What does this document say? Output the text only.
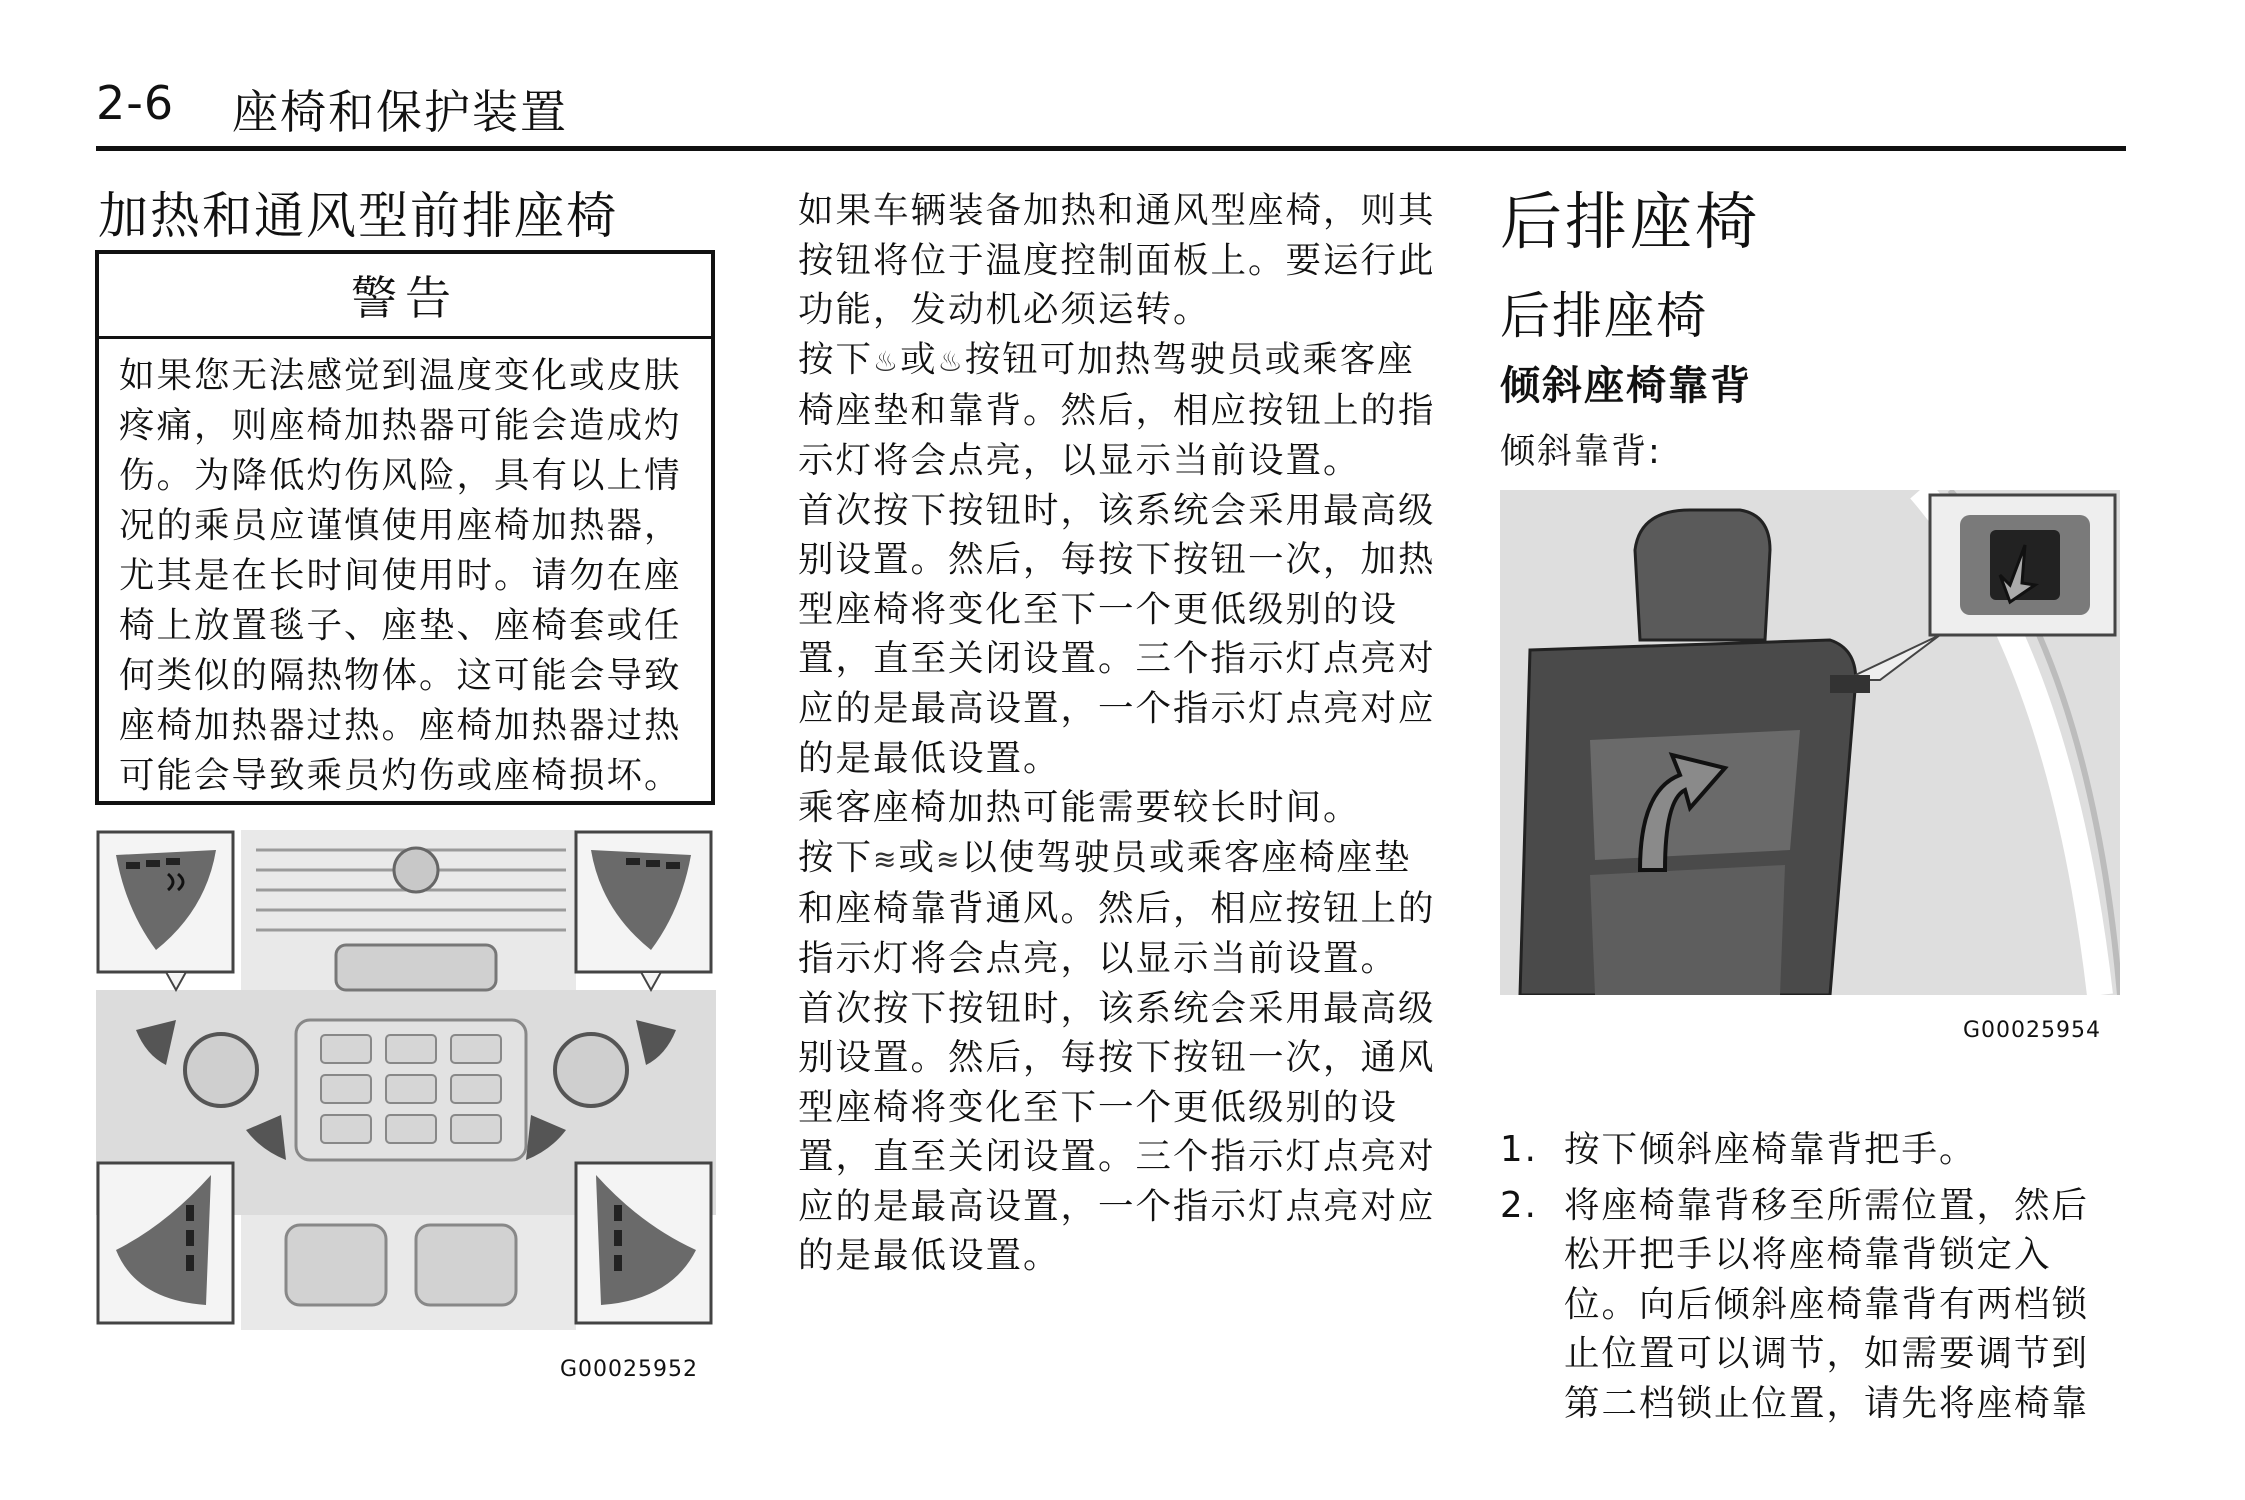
2-6 座椅和保护装置
加热和通风型前排座椅
警告
如果您无法感觉到温度变化或皮肤疼痛，则座椅加热器可能会造成灼伤。为降低灼伤风险，具有以上情况的乘员应谨慎使用座椅加热器，尤其是在长时间使用时。请勿在座椅上放置毯子、座垫、座椅套或任何类似的隔热物体。这可能会导致座椅加热器过热。座椅加热器过热可能会导致乘员灼伤或座椅损坏。
G00025952

如果车辆装备加热和通风型座椅，则其按钮将位于温度控制面板上。要运行此功能，发动机必须运转。

按下♨或♨按钮可加热驾驶员或乘客座椅座垫和靠背。然后，相应按钮上的指示灯将会点亮，以显示当前设置。

首次按下按钮时，该系统会采用最高级别设置。然后，每按下按钮一次，加热型座椅将变化至下一个更低级别的设置，直至关闭设置。三个指示灯点亮对应的是最高设置，一个指示灯点亮对应的是最低设置。

乘客座椅加热可能需要较长时间。

按下≋或≋以使驾驶员或乘客座椅座垫和座椅靠背通风。然后，相应按钮上的指示灯将会点亮，以显示当前设置。

首次按下按钮时，该系统会采用最高级别设置。然后，每按下按钮一次，通风型座椅将变化至下一个更低级别的设置，直至关闭设置。三个指示灯点亮对应的是最高设置，一个指示灯点亮对应的是最低设置。

后排座椅
后排座椅
倾斜座椅靠背
倾斜靠背:
G00025954
1. 按下倾斜座椅靠背把手。
2. 将座椅靠背移至所需位置，然后松开把手以将座椅靠背锁定入位。向后倾斜座椅靠背有两档锁止位置可以调节，如需要调节到第二档锁止位置，请先将座椅靠
